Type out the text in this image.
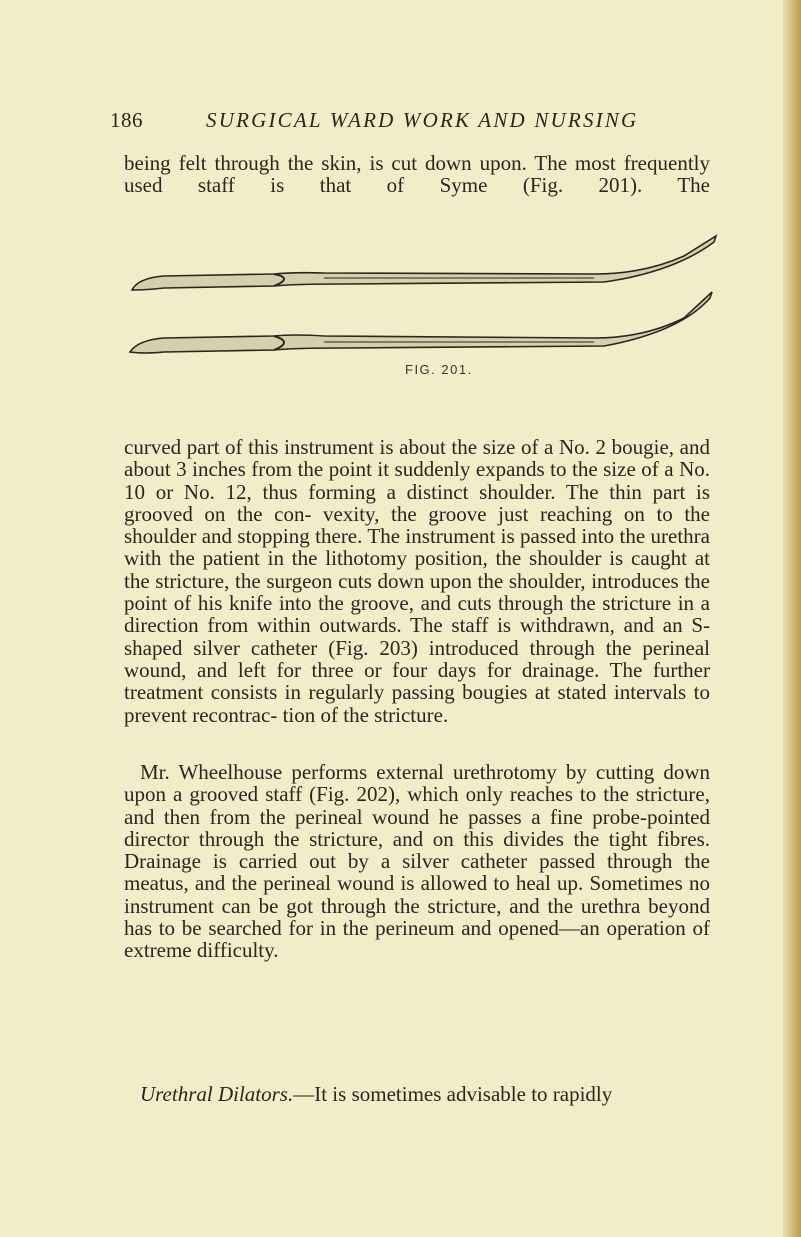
186	SURGICAL WARD WORK AND NURSING

being felt through the skin, is cut down upon. The most frequently used staff is that of Syme (Fig. 201). The

FIG. 201.

curved part of this instrument is about the size of a No. 2 bougie, and about 3 inches from the point it suddenly expands to the size of a No. 10 or No. 12, thus forming a distinct shoulder. The thin part is grooved on the con- vexity, the groove just reaching on to the shoulder and stopping there. The instrument is passed into the urethra with the patient in the lithotomy position, the shoulder is caught at the stricture, the surgeon cuts down upon the shoulder, introduces the point of his knife into the groove, and cuts through the stricture in a direction from within outwards. The staff is withdrawn, and an S-shaped silver catheter (Fig. 203) introduced through the perineal wound, and left for three or four days for drainage. The further treatment consists in regularly passing bougies at stated intervals to prevent recontrac- tion of the stricture.

Mr. Wheelhouse performs external urethrotomy by cutting down upon a grooved staff (Fig. 202), which only reaches to the stricture, and then from the perineal wound he passes a fine probe-pointed director through the stricture, and on this divides the tight fibres. Drainage is carried out by a silver catheter passed through the meatus, and the perineal wound is allowed to heal up. Sometimes no instrument can be got through the stricture, and the urethra beyond has to be searched for in the perineum and opened—an operation of extreme difficulty.

Urethral Dilators.—It is sometimes advisable to rapidly
